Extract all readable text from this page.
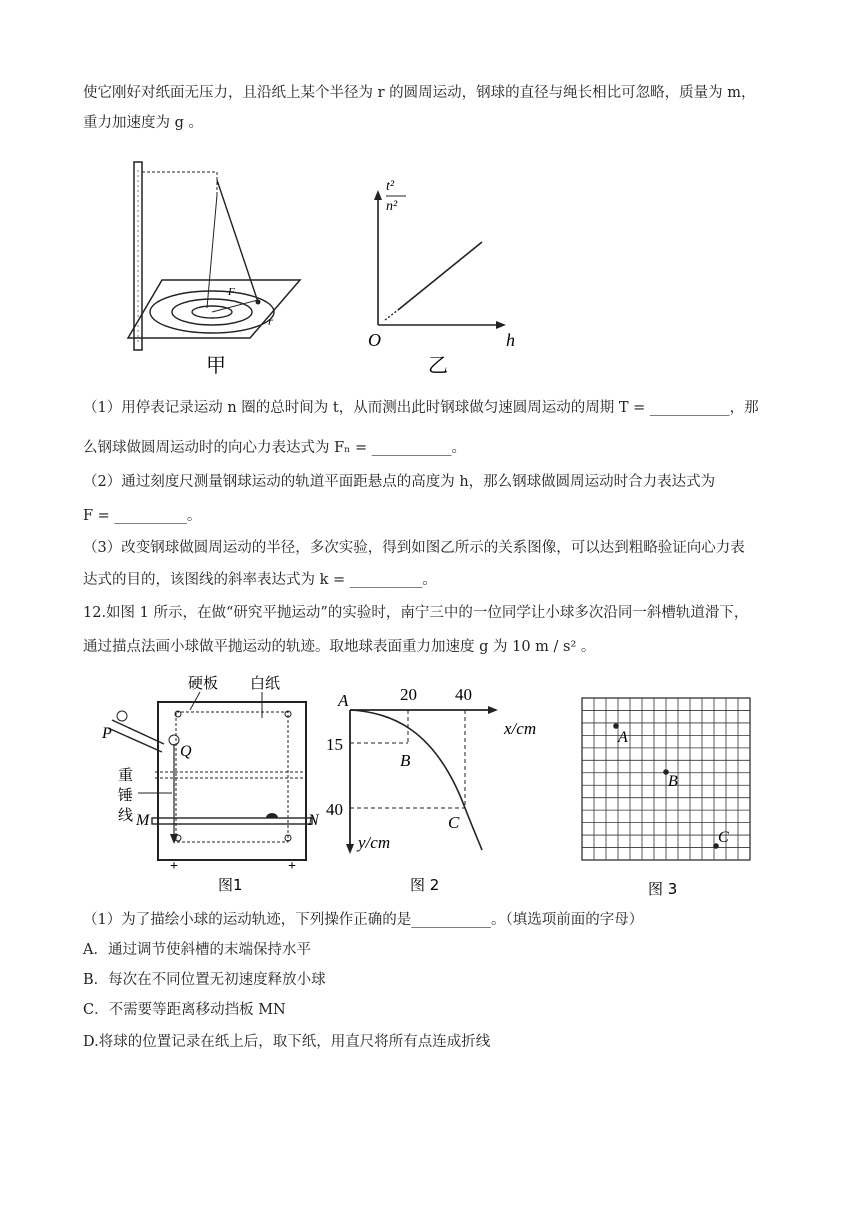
使它刚好对纸面无压力，且沿纸上某个半径为 r 的圆周运动，钢球的直径与绳长相比可忽略，质量为 m，
重力加速度为 g 。
F
r
甲
t²
n²
h
O
乙
（1）用停表记录运动 n 圈的总时间为 t，从而测出此时钢球做匀速圆周运动的周期 T = ___________，那
么钢球做圆周运动时的向心力表达式为 Fₙ = ___________。
（2）通过刻度尺测量钢球运动的轨道平面距悬点的高度为 h，那么钢球做圆周运动时合力表达式为
F = __________。
（3）改变钢球做圆周运动的半径，多次实验，得到如图乙所示的关系图像，可以达到粗略验证向心力表
达式的目的，该图线的斜率表达式为 k = __________。
12.如图 1 所示，在做“研究平抛运动”的实验时，南宁三中的一位同学让小球多次沿同一斜槽轨道滑下，
通过描点法画小球做平抛运动的轨迹。取地球表面重力加速度 g 为 10 m / s² 。
+	+
硬板 白纸
P
Q
重
锤
线 M	N
图1
A	20 40
x/cm
15
40
B
C
y/cm
图 2
A
B
C
图 3
（1）为了描绘小球的运动轨迹，下列操作正确的是___________。（填选项前面的字母）
A．通过调节使斜槽的末端保持水平
B．每次在不同位置无初速度释放小球
C．不需要等距离移动挡板 MN
D.将球的位置记录在纸上后，取下纸，用直尺将所有点连成折线
